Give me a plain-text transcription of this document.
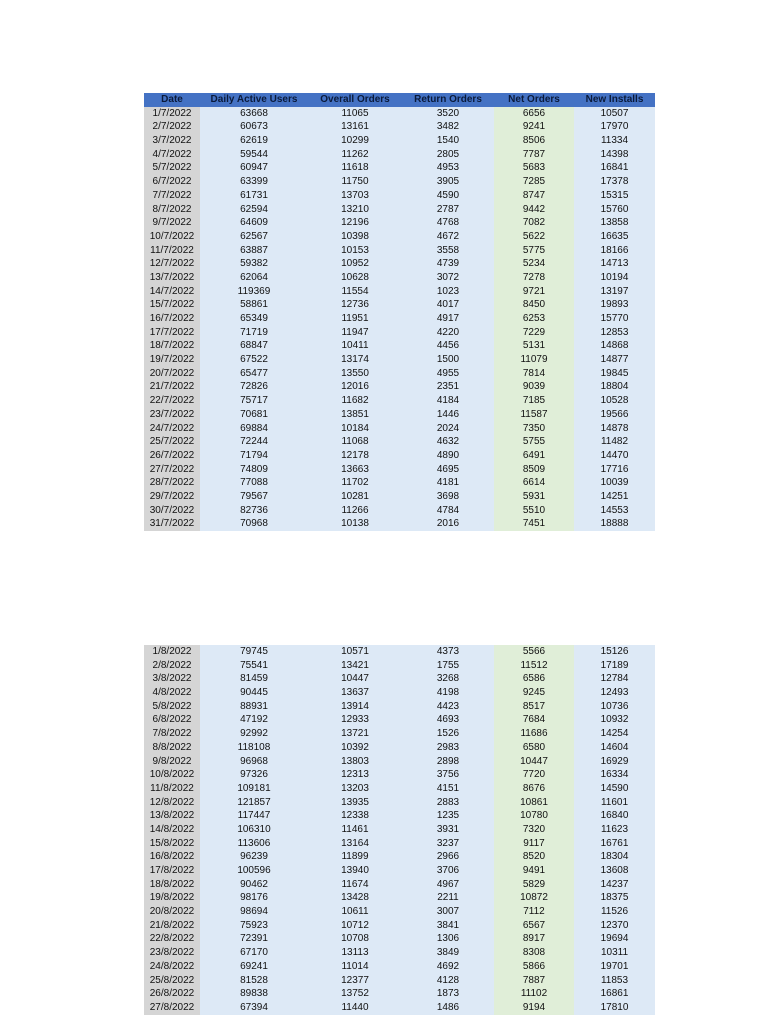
Date	Daily Active Users	Overall Orders	Return Orders	Net Orders	New Installs
1/7/2022	63668	11065	3520	6656	10507
2/7/2022	60673	13161	3482	9241	17970
3/7/2022	62619	10299	1540	8506	11334
4/7/2022	59544	11262	2805	7787	14398
5/7/2022	60947	11618	4953	5683	16841
6/7/2022	63399	11750	3905	7285	17378
7/7/2022	61731	13703	4590	8747	15315
8/7/2022	62594	13210	2787	9442	15760
9/7/2022	64609	12196	4768	7082	13858
10/7/2022	62567	10398	4672	5622	16635
11/7/2022	63887	10153	3558	5775	18166
12/7/2022	59382	10952	4739	5234	14713
13/7/2022	62064	10628	3072	7278	10194
14/7/2022	119369	11554	1023	9721	13197
15/7/2022	58861	12736	4017	8450	19893
16/7/2022	65349	11951	4917	6253	15770
17/7/2022	71719	11947	4220	7229	12853
18/7/2022	68847	10411	4456	5131	14868
19/7/2022	67522	13174	1500	11079	14877
20/7/2022	65477	13550	4955	7814	19845
21/7/2022	72826	12016	2351	9039	18804
22/7/2022	75717	11682	4184	7185	10528
23/7/2022	70681	13851	1446	11587	19566
24/7/2022	69884	10184	2024	7350	14878
25/7/2022	72244	11068	4632	5755	11482
26/7/2022	71794	12178	4890	6491	14470
27/7/2022	74809	13663	4695	8509	17716
28/7/2022	77088	11702	4181	6614	10039
29/7/2022	79567	10281	3698	5931	14251
30/7/2022	82736	11266	4784	5510	14553
31/7/2022	70968	10138	2016	7451	18888
1/8/2022	79745	10571	4373	5566	15126
2/8/2022	75541	13421	1755	11512	17189
3/8/2022	81459	10447	3268	6586	12784
4/8/2022	90445	13637	4198	9245	12493
5/8/2022	88931	13914	4423	8517	10736
6/8/2022	47192	12933	4693	7684	10932
7/8/2022	92992	13721	1526	11686	14254
8/8/2022	118108	10392	2983	6580	14604
9/8/2022	96968	13803	2898	10447	16929
10/8/2022	97326	12313	3756	7720	16334
11/8/2022	109181	13203	4151	8676	14590
12/8/2022	121857	13935	2883	10861	11601
13/8/2022	117447	12338	1235	10780	16840
14/8/2022	106310	11461	3931	7320	11623
15/8/2022	113606	13164	3237	9117	16761
16/8/2022	96239	11899	2966	8520	18304
17/8/2022	100596	13940	3706	9491	13608
18/8/2022	90462	11674	4967	5829	14237
19/8/2022	98176	13428	2211	10872	18375
20/8/2022	98694	10611	3007	7112	11526
21/8/2022	75923	10712	3841	6567	12370
22/8/2022	72391	10708	1306	8917	19694
23/8/2022	67170	13113	3849	8308	10311
24/8/2022	69241	11014	4692	5866	19701
25/8/2022	81528	12377	4128	7887	11853
26/8/2022	89838	13752	1873	11102	16861
27/8/2022	67394	11440	1486	9194	17810
